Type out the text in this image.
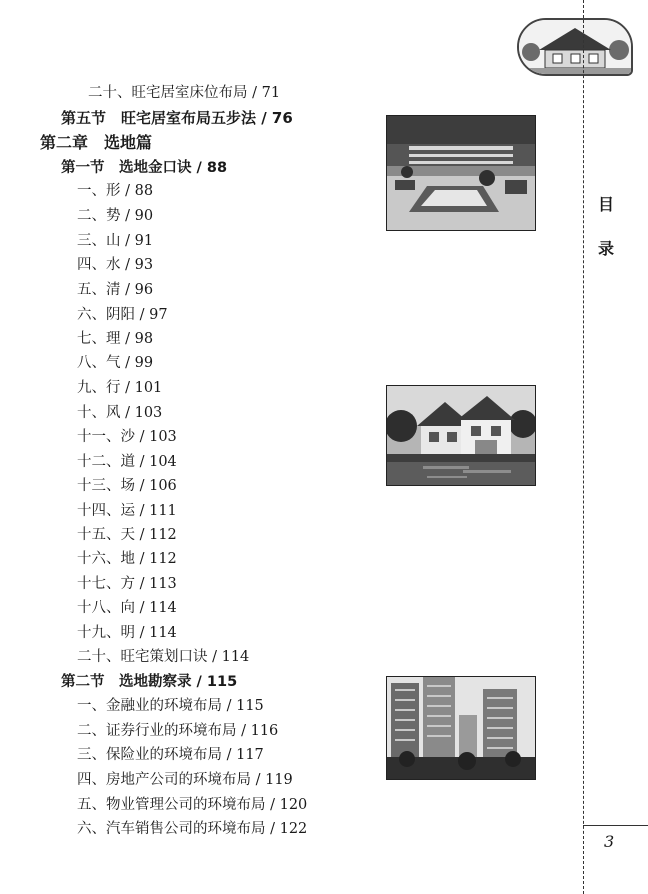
二十、旺宅居室床位布局 / 71
第五节　旺宅居室布局五步法 / 76
第二章　选地篇
第一节　选地金口诀 / 88
一、形 / 88
二、势 / 90
三、山 / 91
四、水 / 93
五、清 / 96
六、阴阳 / 97
七、理 / 98
八、气 / 99
九、行 / 101
十、风 / 103
十一、沙 / 103
十二、道 / 104
十三、场 / 106
十四、运 / 111
十五、天 / 112
十六、地 / 112
十七、方 / 113
十八、向 / 114
十九、明 / 114
二十、旺宅策划口诀 / 114
第二节　选地勘察录 / 115
一、金融业的环境布局 / 115
二、证券行业的环境布局 / 116
三、保险业的环境布局 / 117
四、房地产公司的环境布局 / 119
五、物业管理公司的环境布局 / 120
六、汽车销售公司的环境布局 / 122
目
录
3
